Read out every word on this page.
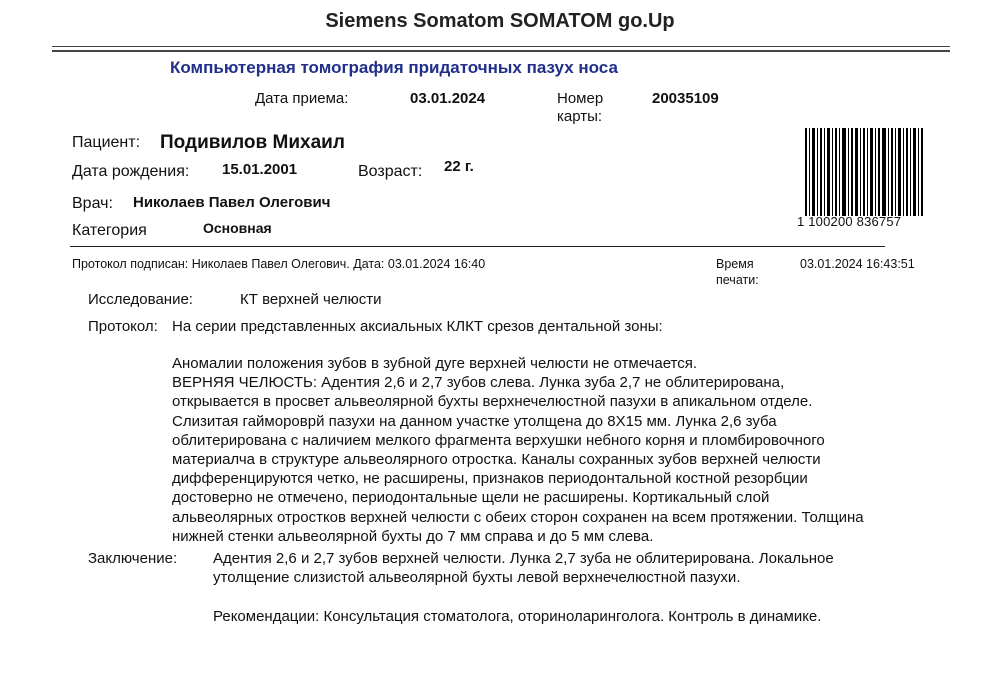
Siemens Somatom SOMATOM go.Up
Компьютерная томография придаточных пазух носа
Дата приема:	03.01.2024	Номер
карты:
20035109
Пациент: Подивилов Михаил
Дата рождения: 15.01.2001	Возраст: 22 г.
Врач: Николаев Павел Олегович
Категория	Основная	1 100200 836757
Протокол подписан: Николаев Павел Олегович. Дата: 03.01.2024 16:40	Время
печати:
03.01.2024 16:43:51
Исследование:	КТ верхней челюсти
Протокол: На серии представленных аксиальных КЛКТ срезов дентальной зоны:
Аномалии положения зубов в зубной дуге верхней челюсти не отмечается.
ВЕРНЯЯ ЧЕЛЮСТЬ: Адентия 2,6 и 2,7 зубов слева. Лунка зуба 2,7 не облитерирована,
открывается в просвет альвеолярной бухты верхнечелюстной пазухи в апикальном отделе.
Слизитая гаймороврй пазухи на данном участке утолщена до 8Х15 мм. Лунка 2,6 зуба
облитерирована с наличием мелкого фрагмента верхушки небного корня и пломбировочного
материалча в структуре альвеолярного отростка. Каналы сохранных зубов верхней челюсти
дифференцируются четко, не расширены, признаков периодонтальной костной резорбции
достоверно не отмечено, периодонтальные щели не расширены. Кортикальный слой
альвеолярных отростков верхней челюсти с обеих сторон сохранен на всем протяжении. Толщина
нижней стенки альвеолярной бухты до 7 мм справа и до 5 мм слева.
Заключение: Адентия 2,6 и 2,7 зубов верхней челюсти. Лунка 2,7 зуба не облитерирована. Локальное
утолщение слизистой альвеолярной бухты левой верхнечелюстной пазухи.
Рекомендации: Консультация стоматолога, оториноларинголога. Контроль в динамике.
